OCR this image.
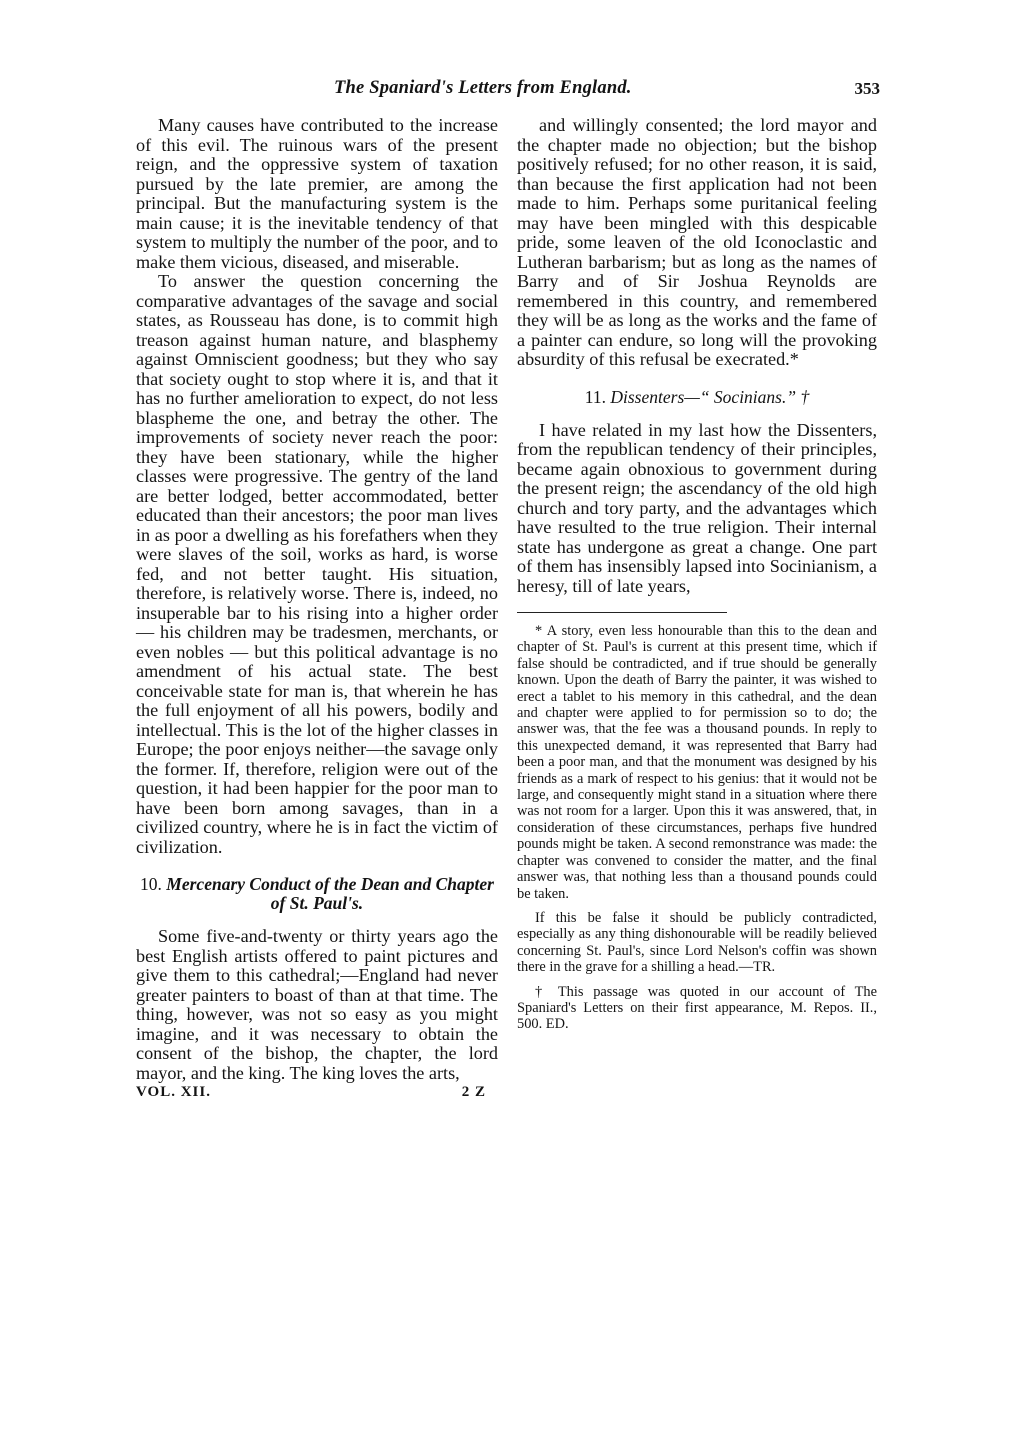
The Spaniard's Letters from England.	353

Many causes have contributed to the increase of this evil. The ruinous wars of the present reign, and the oppressive system of taxation pursued by the late premier, are among the principal. But the manufacturing system is the main cause; it is the inevitable tendency of that system to multiply the number of the poor, and to make them vicious, diseased, and miserable.

To answer the question concerning the comparative advantages of the savage and social states, as Rousseau has done, is to commit high treason against human nature, and blasphemy against Omniscient goodness; but they who say that society ought to stop where it is, and that it has no further amelioration to expect, do not less blaspheme the one, and betray the other. The improvements of society never reach the poor: they have been stationary, while the higher classes were progressive. The gentry of the land are better lodged, better accommodated, better educated than their ancestors; the poor man lives in as poor a dwelling as his forefathers when they were slaves of the soil, works as hard, is worse fed, and not better taught. His situation, therefore, is relatively worse. There is, indeed, no insuperable bar to his rising into a higher order — his children may be tradesmen, merchants, or even nobles — but this political advantage is no amendment of his actual state. The best conceivable state for man is, that wherein he has the full enjoyment of all his powers, bodily and intellectual. This is the lot of the higher classes in Europe; the poor enjoys neither—the savage only the former. If, therefore, religion were out of the question, it had been happier for the poor man to have been born among savages, than in a civilized country, where he is in fact the victim of civilization.

10. Mercenary Conduct of the Dean and Chapter of St. Paul's.

Some five-and-twenty or thirty years ago the best English artists offered to paint pictures and give them to this cathedral;—England had never greater painters to boast of than at that time. The thing, however, was not so easy as you might imagine, and it was necessary to obtain the consent of the bishop, the chapter, the lord mayor, and the king. The king loves the arts,

VOL. XII.	2 Z

and willingly consented; the lord mayor and the chapter made no objection; but the bishop positively refused; for no other reason, it is said, than because the first application had not been made to him. Perhaps some puritanical feeling may have been mingled with this despicable pride, some leaven of the old Iconoclastic and Lutheran barbarism; but as long as the names of Barry and of Sir Joshua Reynolds are remembered in this country, and remembered they will be as long as the works and the fame of a painter can endure, so long will the provoking absurdity of this refusal be execrated.*

11. Dissenters—“ Socinians.” †

I have related in my last how the Dissenters, from the republican tendency of their principles, became again obnoxious to government during the present reign; the ascendancy of the old high church and tory party, and the advantages which have resulted to the true religion. Their internal state has undergone as great a change. One part of them has insensibly lapsed into Socinianism, a heresy, till of late years,

* A story, even less honourable than this to the dean and chapter of St. Paul's is current at this present time, which if false should be contradicted, and if true should be generally known. Upon the death of Barry the painter, it was wished to erect a tablet to his memory in this cathedral, and the dean and chapter were applied to for permission so to do; the answer was, that the fee was a thousand pounds. In reply to this unexpected demand, it was represented that Barry had been a poor man, and that the monument was designed by his friends as a mark of respect to his genius: that it would not be large, and consequently might stand in a situation where there was not room for a larger. Upon this it was answered, that, in consideration of these circumstances, perhaps five hundred pounds might be taken. A second remonstrance was made: the chapter was convened to consider the matter, and the final answer was, that nothing less than a thousand pounds could be taken.

If this be false it should be publicly contradicted, especially as any thing dishonourable will be readily believed concerning St. Paul's, since Lord Nelson's coffin was shown there in the grave for a shilling a head.—TR.

† This passage was quoted in our account of The Spaniard's Letters on their first appearance, M. Repos. II., 500. ED.
